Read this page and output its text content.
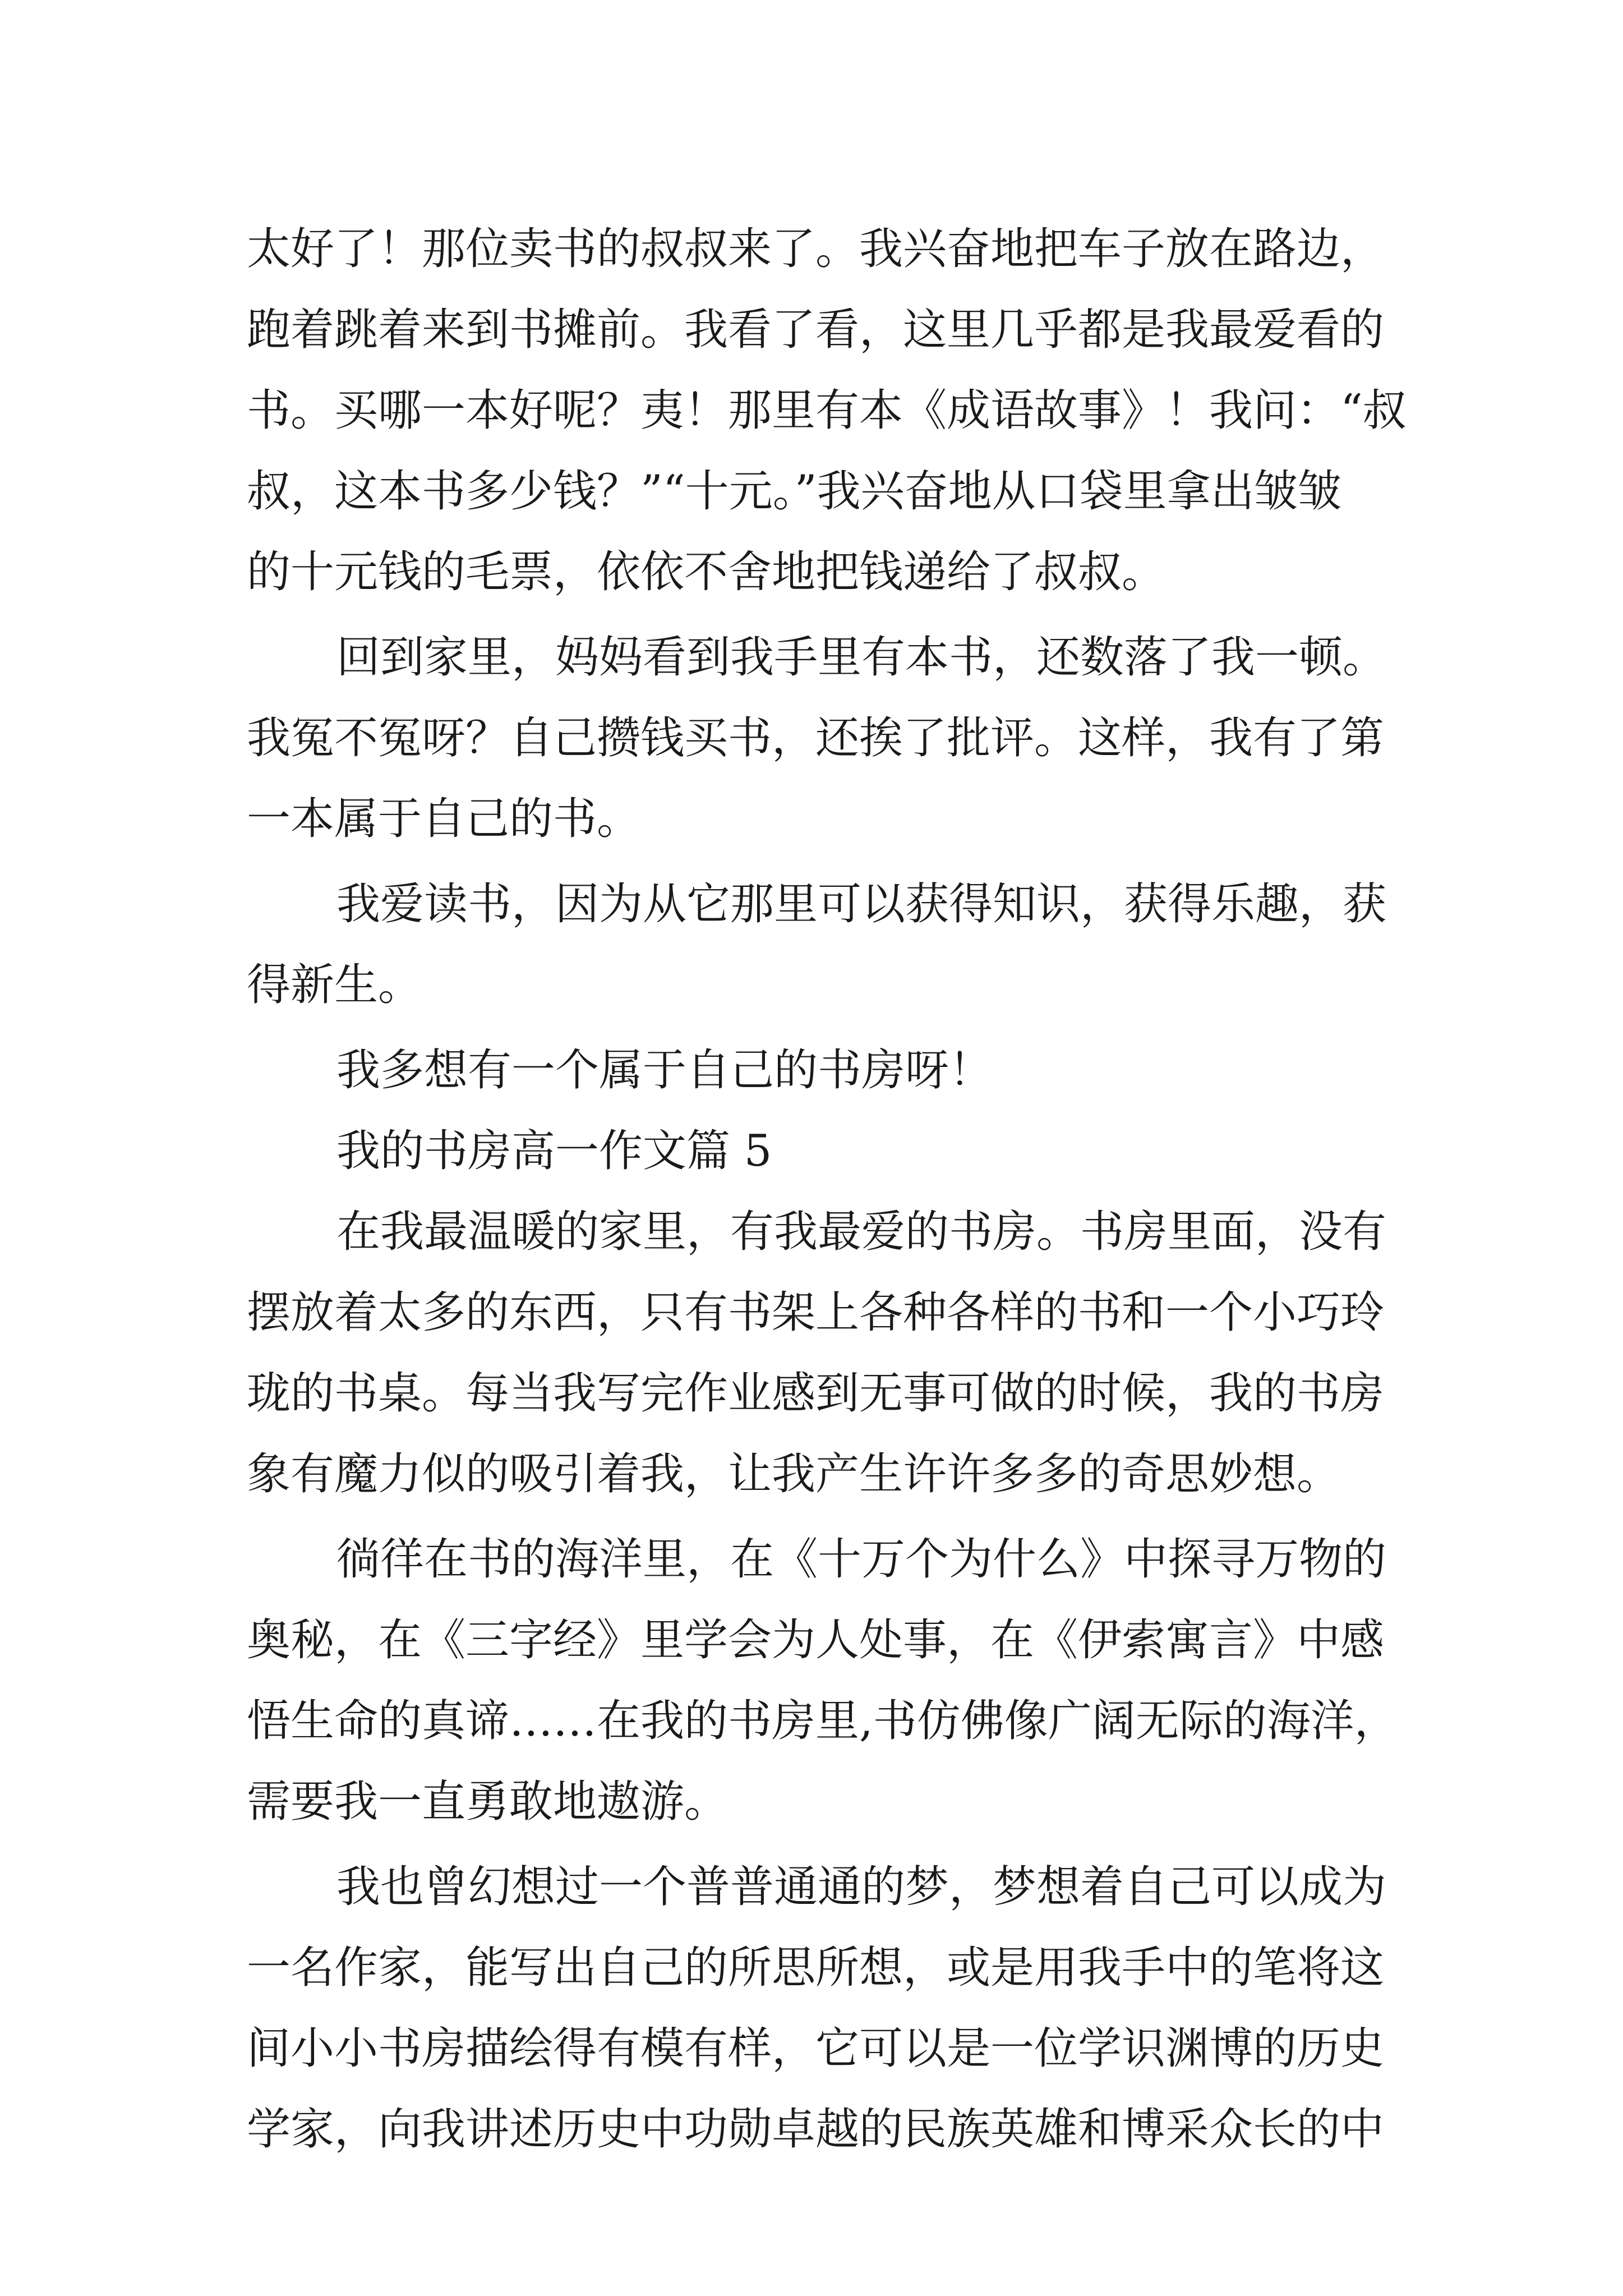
太好了！那位卖书的叔叔来了。我兴奋地把车子放在路边，

跑着跳着来到书摊前。我看了看，这里几乎都是我最爱看的

书。买哪一本好呢？夷！那里有本《成语故事》！我问：“叔

叔，这本书多少钱？”“十元。”我兴奋地从口袋里拿出皱皱

的十元钱的毛票，依依不舍地把钱递给了叔叔。

回到家里，妈妈看到我手里有本书，还数落了我一顿。

我冤不冤呀？自己攒钱买书，还挨了批评。这样，我有了第

一本属于自己的书。

我爱读书，因为从它那里可以获得知识，获得乐趣，获

得新生。

我多想有一个属于自己的书房呀！

我的书房高一作文篇 5

在我最温暖的家里，有我最爱的书房。书房里面，没有

摆放着太多的东西，只有书架上各种各样的书和一个小巧玲

珑的书桌。每当我写完作业感到无事可做的时候，我的书房

象有魔力似的吸引着我，让我产生许许多多的奇思妙想。

徜徉在书的海洋里，在《十万个为什么》中探寻万物的

奥秘，在《三字经》里学会为人处事，在《伊索寓言》中感

悟生命的真谛……在我的书房里,书仿佛像广阔无际的海洋，

需要我一直勇敢地遨游。

我也曾幻想过一个普普通通的梦，梦想着自己可以成为

一名作家，能写出自己的所思所想，或是用我手中的笔将这

间小小书房描绘得有模有样，它可以是一位学识渊博的历史

学家，向我讲述历史中功勋卓越的民族英雄和博采众长的中
